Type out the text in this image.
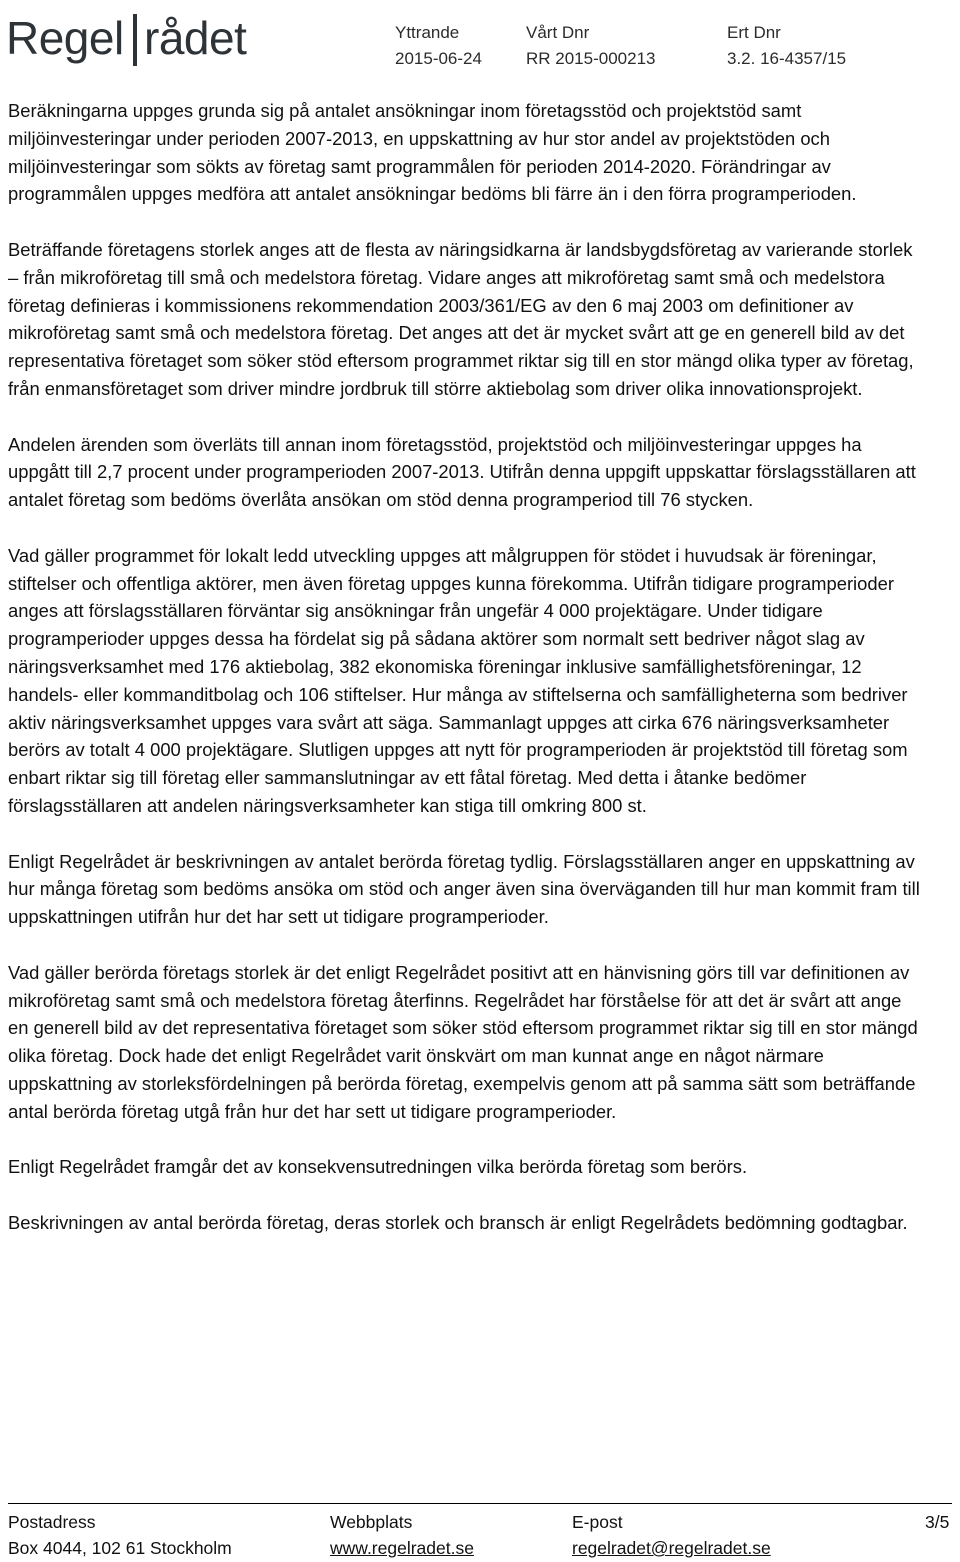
Regel rådet	Yttrande
2015-06-24
Vårt Dnr
RR 2015-000213
Ert Dnr
3.2. 16-4357/15

Beräkningarna uppges grunda sig på antalet ansökningar inom företagsstöd och projektstöd samt miljöinvesteringar under perioden 2007-2013, en uppskattning av hur stor andel av projektstöden och miljöinvesteringar som sökts av företag samt programmålen för perioden 2014-2020. Förändringar av programmålen uppges medföra att antalet ansökningar bedöms bli färre än i den förra programperioden.

Beträffande företagens storlek anges att de flesta av näringsidkarna är landsbygdsföretag av varierande storlek – från mikroföretag till små och medelstora företag. Vidare anges att mikroföretag samt små och medelstora företag definieras i kommissionens rekommendation 2003/361/EG av den 6 maj 2003 om definitioner av mikroföretag samt små och medelstora företag. Det anges att det är mycket svårt att ge en generell bild av det representativa företaget som söker stöd eftersom programmet riktar sig till en stor mängd olika typer av företag, från enmansföretaget som driver mindre jordbruk till större aktiebolag som driver olika innovationsprojekt.

Andelen ärenden som överläts till annan inom företagsstöd, projektstöd och miljöinvesteringar uppges ha uppgått till 2,7 procent under programperioden 2007-2013. Utifrån denna uppgift uppskattar förslagsställaren att antalet företag som bedöms överlåta ansökan om stöd denna programperiod till 76 stycken.

Vad gäller programmet för lokalt ledd utveckling uppges att målgruppen för stödet i huvudsak är föreningar, stiftelser och offentliga aktörer, men även företag uppges kunna förekomma. Utifrån tidigare programperioder anges att förslagsställaren förväntar sig ansökningar från ungefär 4 000 projektägare. Under tidigare programperioder uppges dessa ha fördelat sig på sådana aktörer som normalt sett bedriver något slag av näringsverksamhet med 176 aktiebolag, 382 ekonomiska föreningar inklusive samfällighetsföreningar, 12 handels- eller kommanditbolag och 106 stiftelser. Hur många av stiftelserna och samfälligheterna som bedriver aktiv näringsverksamhet uppges vara svårt att säga. Sammanlagt uppges att cirka 676 näringsverksamheter berörs av totalt 4 000 projektägare. Slutligen uppges att nytt för programperioden är projektstöd till företag som enbart riktar sig till företag eller sammanslutningar av ett fåtal företag. Med detta i åtanke bedömer förslagsställaren att andelen näringsverksamheter kan stiga till omkring 800 st.

Enligt Regelrådet är beskrivningen av antalet berörda företag tydlig. Förslagsställaren anger en uppskattning av hur många företag som bedöms ansöka om stöd och anger även sina överväganden till hur man kommit fram till uppskattningen utifrån hur det har sett ut tidigare programperioder.

Vad gäller berörda företags storlek är det enligt Regelrådet positivt att en hänvisning görs till var definitionen av mikroföretag samt små och medelstora företag återfinns. Regelrådet har förståelse för att det är svårt att ange en generell bild av det representativa företaget som söker stöd eftersom programmet riktar sig till en stor mängd olika företag. Dock hade det enligt Regelrådet varit önskvärt om man kunnat ange en något närmare uppskattning av storleksfördelningen på berörda företag, exempelvis genom att på samma sätt som beträffande antal berörda företag utgå från hur det har sett ut tidigare programperioder.

Enligt Regelrådet framgår det av konsekvensutredningen vilka berörda företag som berörs.

Beskrivningen av antal berörda företag, deras storlek och bransch är enligt Regelrådets bedömning godtagbar.

Postadress
Box 4044, 102 61 Stockholm
Webbplats
www.regelradet.se
E-post
regelradet@regelradet.se
3/5
